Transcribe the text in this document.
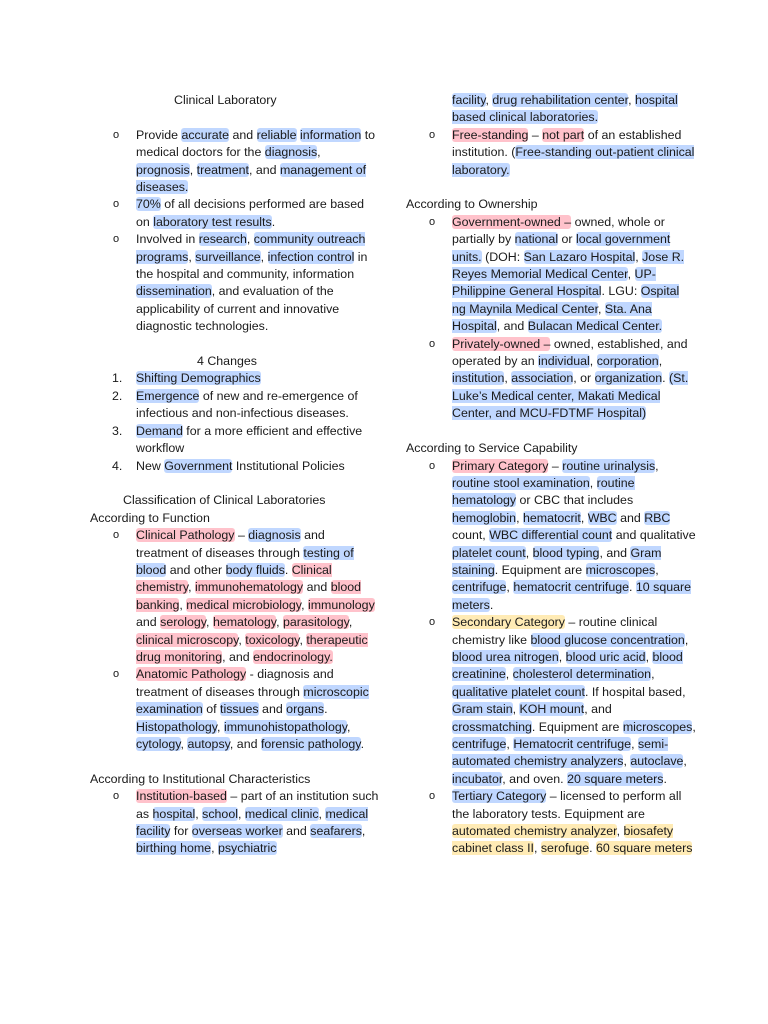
Clinical Laboratory

o Provide accurate and reliable information to medical doctors for the diagnosis, prognosis, treatment, and management of diseases.

o 70% of all decisions performed are based on laboratory test results.

o Involved in research, community outreach programs, surveillance, infection control in the hospital and community, information dissemination, and evaluation of the applicability of current and innovative diagnostic technologies.

4 Changes

1. Shifting Demographics

2. Emergence of new and re-emergence of infectious and non-infectious diseases.

3. Demand for a more efficient and effective workflow

4. New Government Institutional Policies

Classification of Clinical Laboratories

According to Function

o Clinical Pathology – diagnosis and treatment of diseases through testing of blood and other body fluids. Clinical chemistry, immunohematology and blood banking, medical microbiology, immunology and serology, hematology, parasitology, clinical microscopy, toxicology, therapeutic drug monitoring, and endocrinology.

o Anatomic Pathology - diagnosis and treatment of diseases through microscopic examination of tissues and organs. Histopathology, immunohistopathology, cytology, autopsy, and forensic pathology.

According to Institutional Characteristics

o Institution-based – part of an institution such as hospital, school, medical clinic, medical facility for overseas worker and seafarers, birthing home, psychiatric

facility, drug rehabilitation center, hospital based clinical laboratories.

o Free-standing – not part of an established institution. (Free-standing out-patient clinical laboratory.

According to Ownership

o Government-owned – owned, whole or partially by national or local government units. (DOH: San Lazaro Hospital, Jose R. Reyes Memorial Medical Center, UP-Philippine General Hospital. LGU: Ospital ng Maynila Medical Center, Sta. Ana Hospital, and Bulacan Medical Center.

o Privately-owned – owned, established, and operated by an individual, corporation, institution, association, or organization. (St. Luke’s Medical center, Makati Medical Center, and MCU-FDTMF Hospital)

According to Service Capability

o Primary Category – routine urinalysis, routine stool examination, routine hematology or CBC that includes hemoglobin, hematocrit, WBC and RBC count, WBC differential count and qualitative platelet count, blood typing, and Gram staining. Equipment are microscopes, centrifuge, hematocrit centrifuge. 10 square meters.

o Secondary Category – routine clinical chemistry like blood glucose concentration, blood urea nitrogen, blood uric acid, blood creatinine, cholesterol determination, qualitative platelet count. If hospital based, Gram stain, KOH mount, and crossmatching. Equipment are microscopes, centrifuge, Hematocrit centrifuge, semi-automated chemistry analyzers, autoclave, incubator, and oven. 20 square meters.

o Tertiary Category – licensed to perform all the laboratory tests. Equipment are automated chemistry analyzer, biosafety cabinet class II, serofuge. 60 square meters
